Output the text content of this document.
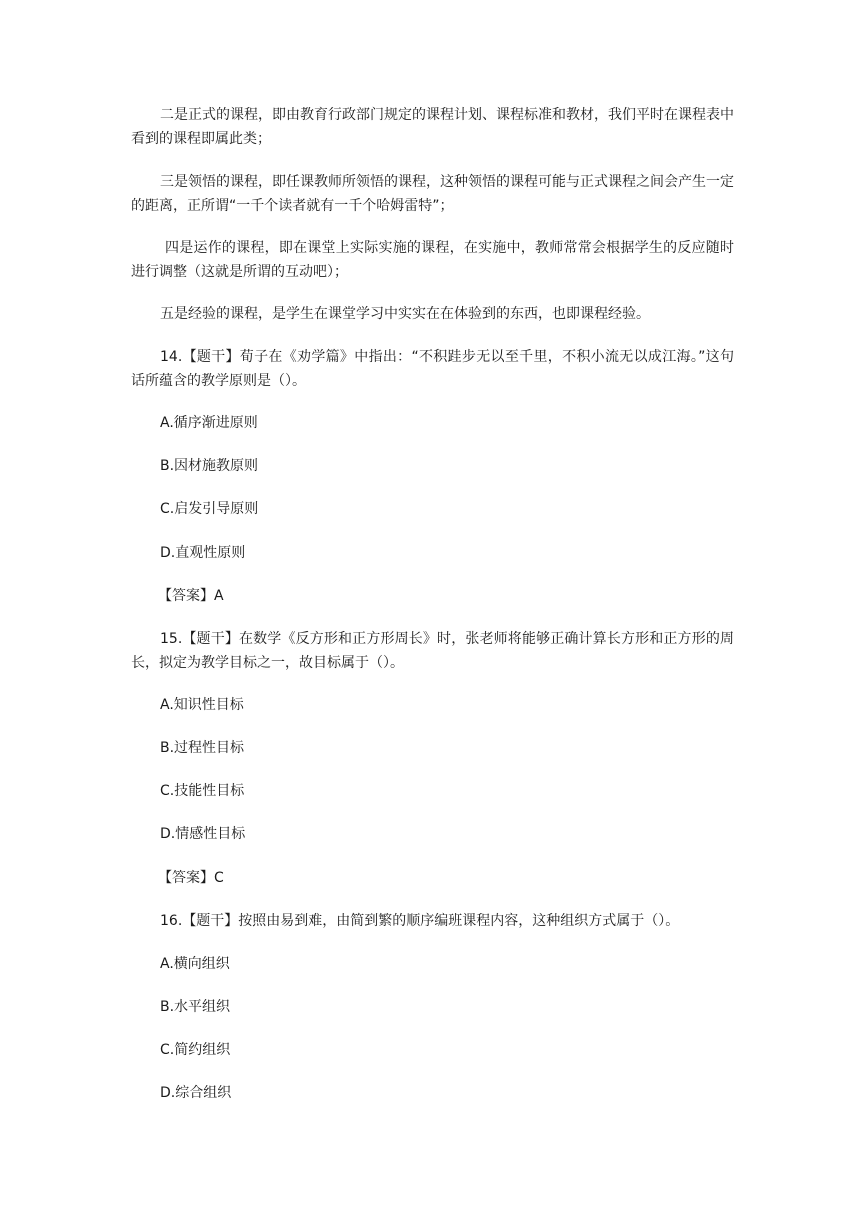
二是正式的课程，即由教育行政部门规定的课程计划、课程标准和教材，我们平时在课程表中看到的课程即属此类；

三是领悟的课程，即任课教师所领悟的课程，这种领悟的课程可能与正式课程之间会产生一定的距离，正所谓“一千个读者就有一千个哈姆雷特”；

四是运作的课程，即在课堂上实际实施的课程，在实施中，教师常常会根据学生的反应随时进行调整（这就是所谓的互动吧）；

五是经验的课程，是学生在课堂学习中实实在在体验到的东西，也即课程经验。

14.【题干】荀子在《劝学篇》中指出：“不积跬步无以至千里，不积小流无以成江海。”这句话所蕴含的教学原则是（）。

A.循序渐进原则

B.因材施教原则

C.启发引导原则

D.直观性原则

【答案】A

15.【题干】在数学《反方形和正方形周长》时，张老师将能够正确计算长方形和正方形的周长，拟定为教学目标之一，故目标属于（）。

A.知识性目标

B.过程性目标

C.技能性目标

D.情感性目标

【答案】C

16.【题干】按照由易到难，由简到繁的顺序编班课程内容，这种组织方式属于（）。

A.横向组织

B.水平组织

C.简约组织

D.综合组织
